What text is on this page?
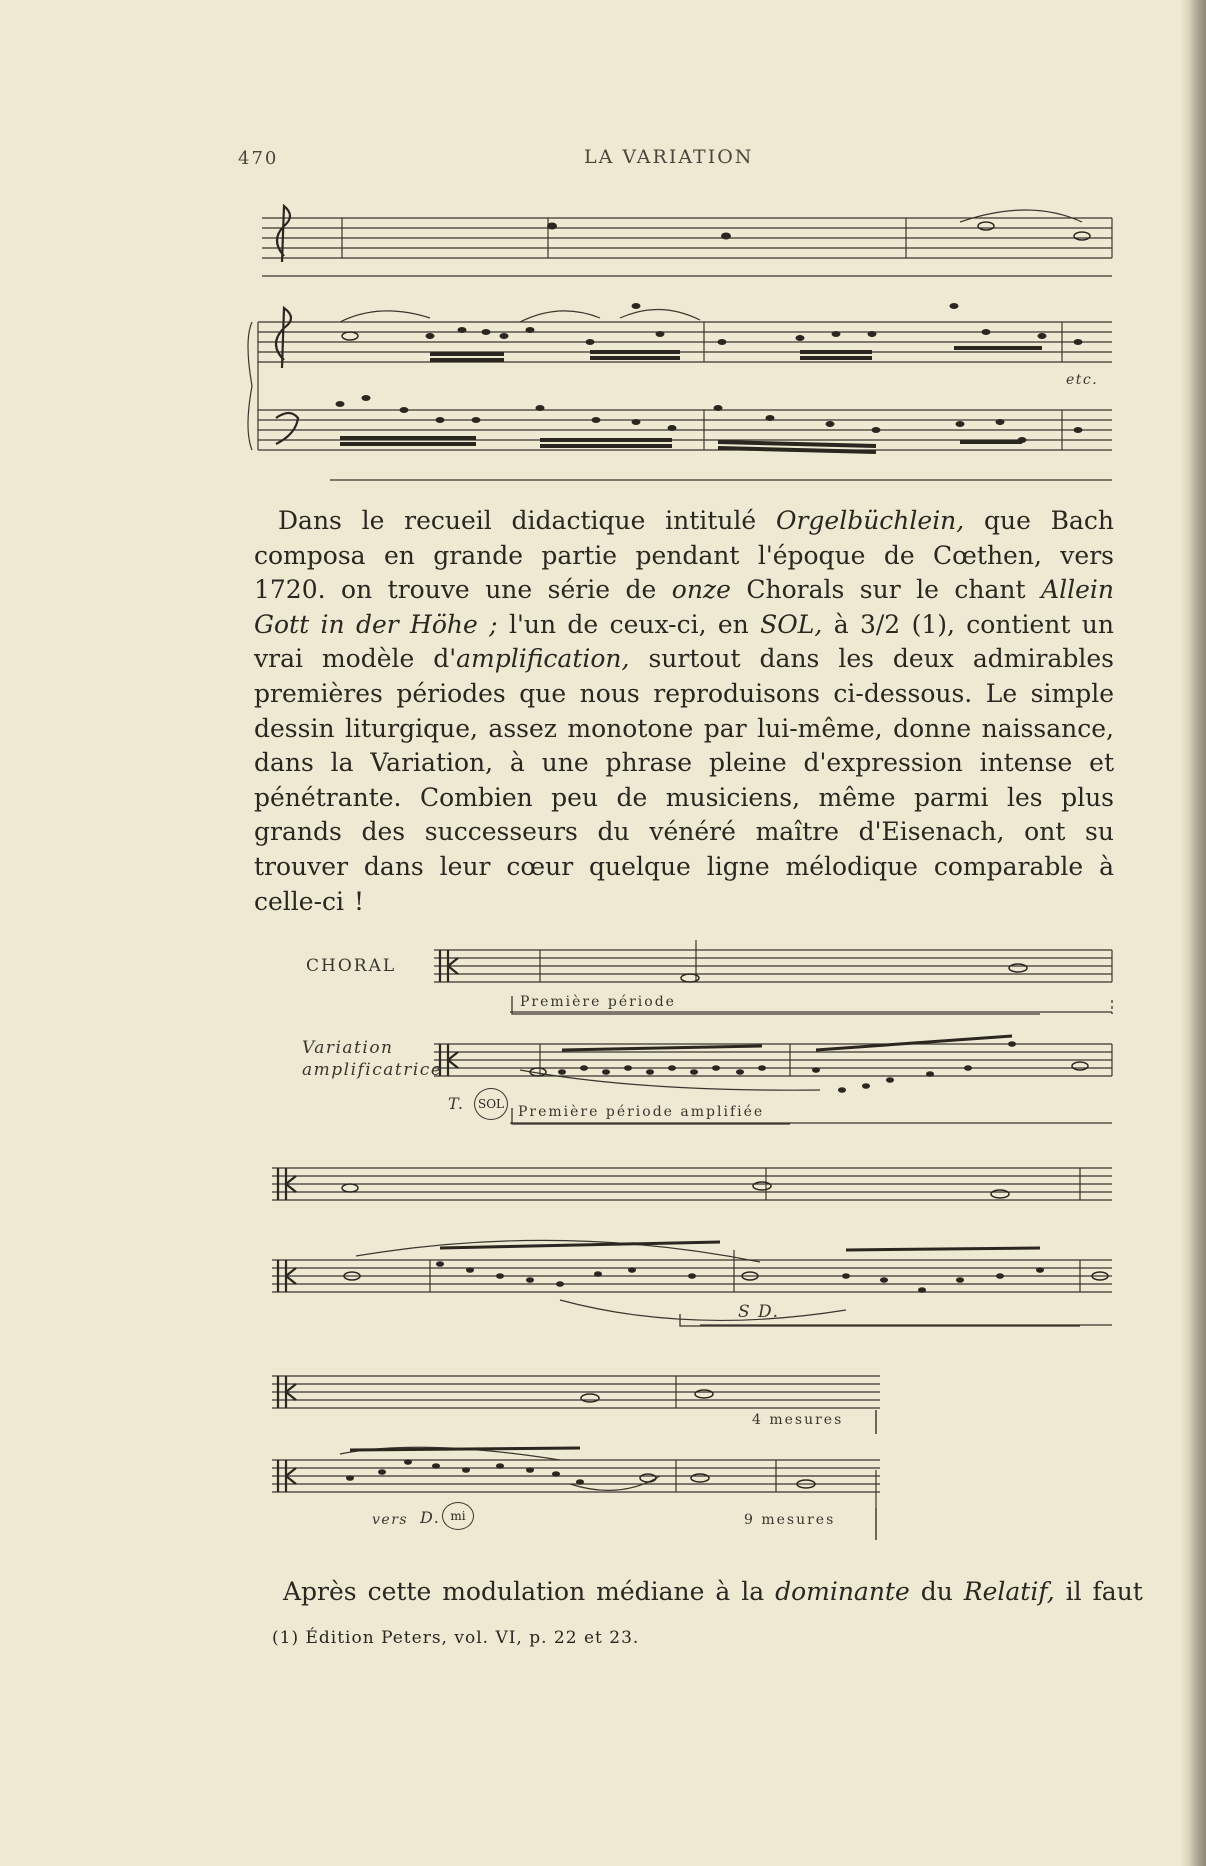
470	LA VARIATION
etc.
CHORAL
Première période
Variation
amplificatrice
T.	SOL Première période amplifiée
S D.
4 mesures
vers D. mi	9 mesures
Dans le recueil didactique intitulé Orgelbüchlein, que Bach composa en grande partie pendant l'époque de Cœthen, vers 1720. on trouve une série de onze Chorals sur le chant Allein Gott in der Höhe ; l'un de ceux-ci, en SOL, à 3/2 (1), contient un vrai modèle d'amplification, surtout dans les deux admirables premières périodes que nous reproduisons ci-dessous. Le simple dessin liturgique, assez monotone par lui-même, donne naissance, dans la Variation, à une phrase pleine d'expression intense et pénétrante. Combien peu de musiciens, même parmi les plus grands des successeurs du vénéré maître d'Eisenach, ont su trouver dans leur cœur quelque ligne mélodique comparable à celle-ci !
Après cette modulation médiane à la dominante du Relatif, il faut
(1) Édition Peters, vol. VI, p. 22 et 23.
